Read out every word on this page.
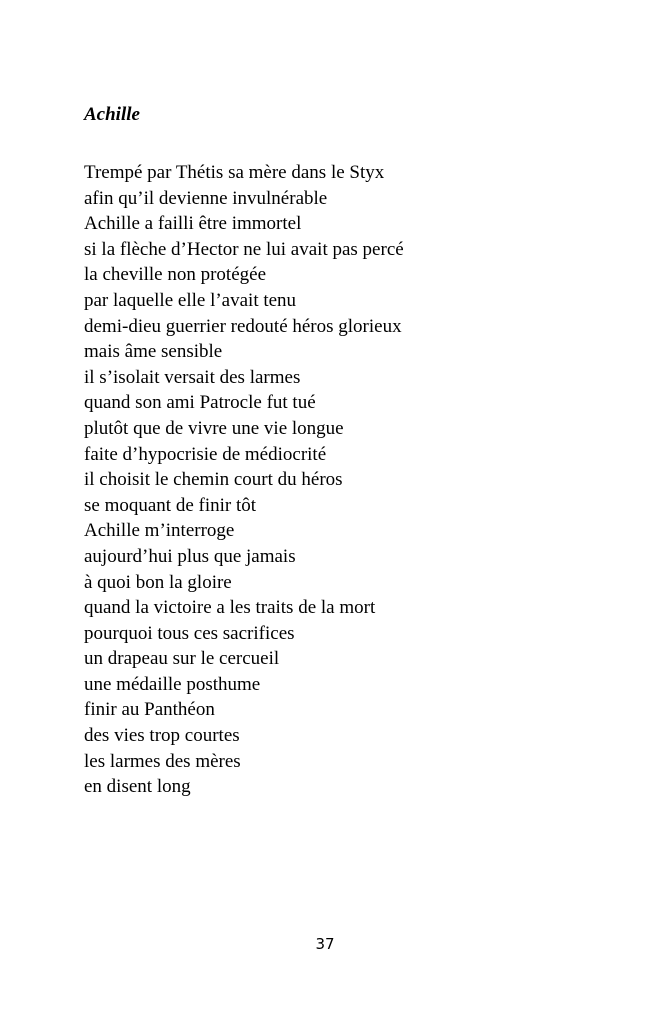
Achille
Trempé par Thétis sa mère dans le Styx
afin qu’il devienne invulnérable
Achille a failli être immortel
si la flèche d’Hector ne lui avait pas percé
la cheville non protégée
par laquelle elle l’avait tenu
demi-dieu guerrier redouté héros glorieux
mais âme sensible
il s’isolait versait des larmes
quand son ami Patrocle fut tué
plutôt que de vivre une vie longue
faite d’hypocrisie de médiocrité
il choisit le chemin court du héros
se moquant de finir tôt
Achille m’interroge
aujourd’hui plus que jamais
à quoi bon la gloire
quand la victoire a les traits de la mort
pourquoi tous ces sacrifices
un drapeau sur le cercueil
une médaille posthume
finir au Panthéon
des vies trop courtes
les larmes des mères
en disent long
37
